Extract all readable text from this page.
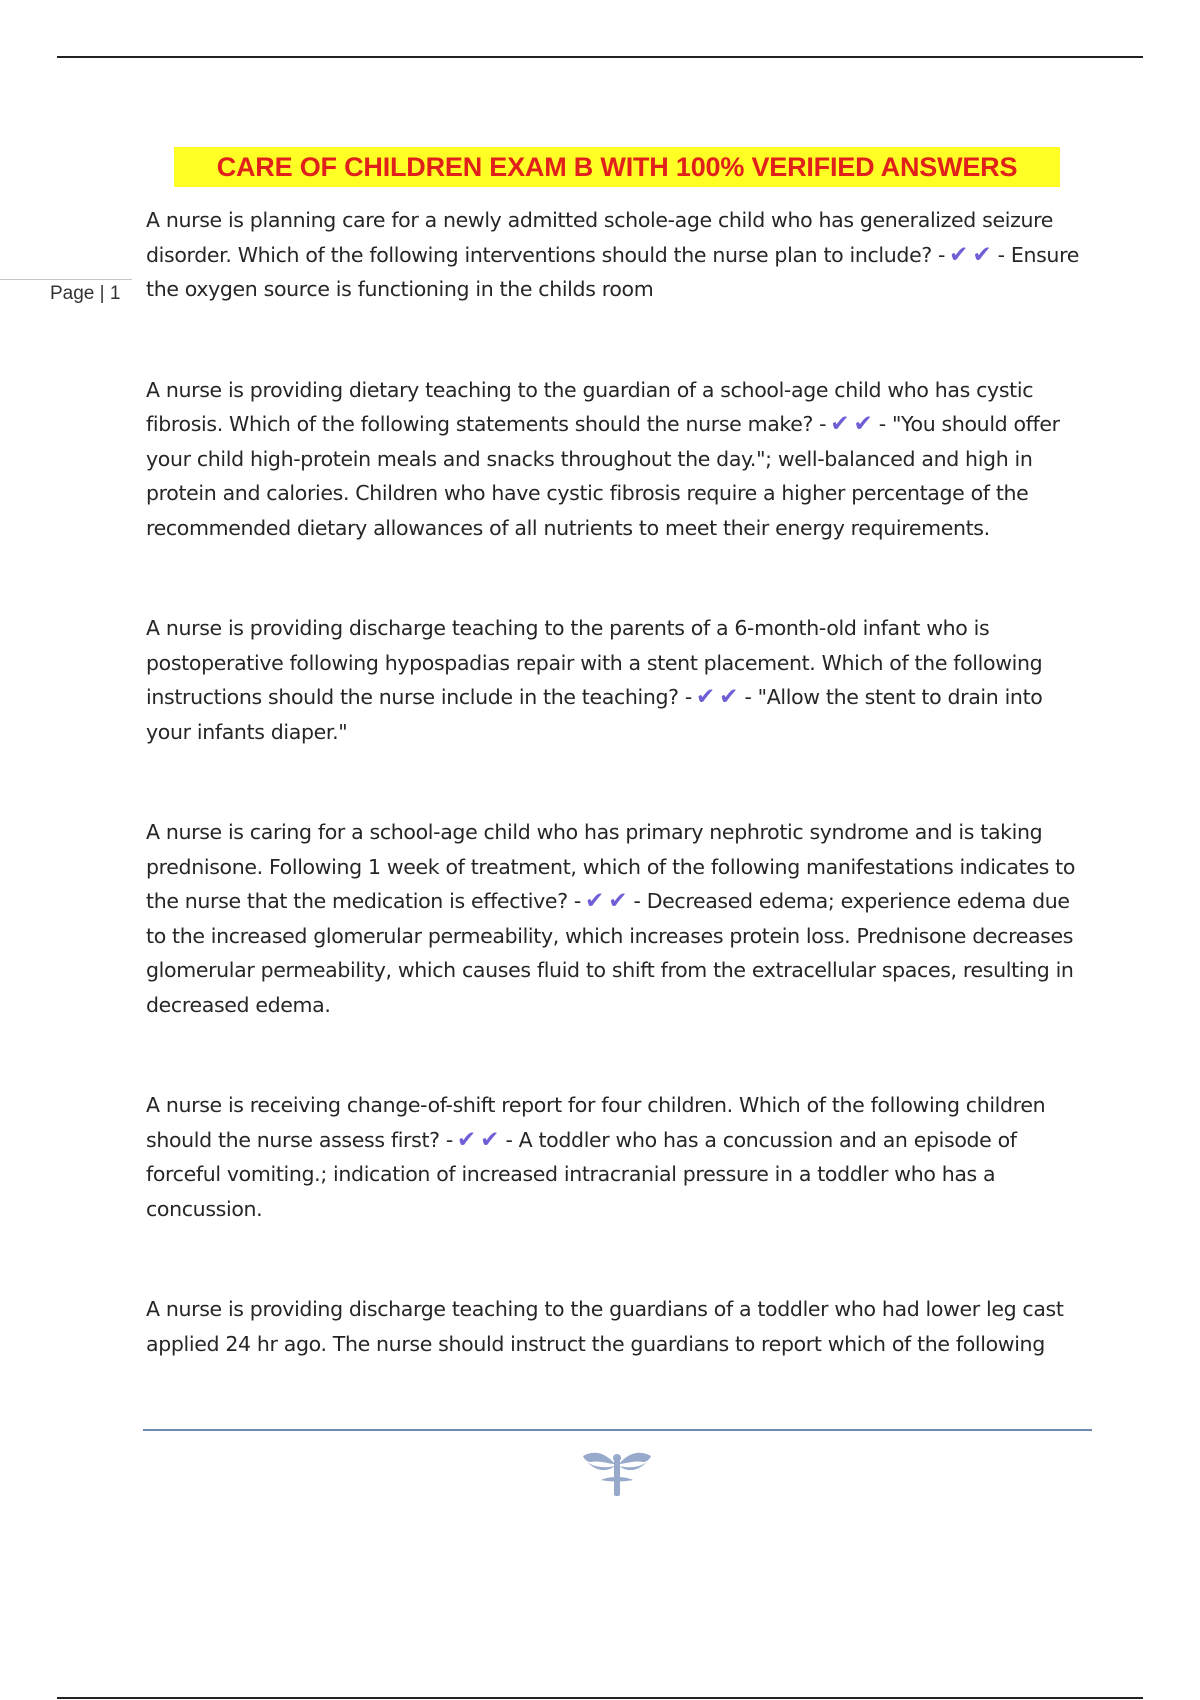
Page | 1
CARE OF CHILDREN EXAM B WITH 100% VERIFIED ANSWERS

A nurse is planning care for a newly admitted schole-age child who has generalized seizure disorder. Which of the following interventions should the nurse plan to include? - ✔✔- Ensure the oxygen source is functioning in the childs room

A nurse is providing dietary teaching to the guardian of a school-age child who has cystic fibrosis. Which of the following statements should the nurse make? - ✔✔- "You should offer your child high-protein meals and snacks throughout the day."; well-balanced and high in protein and calories. Children who have cystic fibrosis require a higher percentage of the recommended dietary allowances of all nutrients to meet their energy requirements.

A nurse is providing discharge teaching to the parents of a 6-month-old infant who is postoperative following hypospadias repair with a stent placement. Which of the following instructions should the nurse include in the teaching? - ✔✔- "Allow the stent to drain into your infants diaper."

A nurse is caring for a school-age child who has primary nephrotic syndrome and is taking prednisone. Following 1 week of treatment, which of the following manifestations indicates to the nurse that the medication is effective? - ✔✔- Decreased edema; experience edema due to the increased glomerular permeability, which increases protein loss. Prednisone decreases glomerular permeability, which causes fluid to shift from the extracellular spaces, resulting in decreased edema.

A nurse is receiving change-of-shift report for four children. Which of the following children should the nurse assess first? - ✔✔- A toddler who has a concussion and an episode of forceful vomiting.; indication of increased intracranial pressure in a toddler who has a concussion.

A nurse is providing discharge teaching to the guardians of a toddler who had lower leg cast applied 24 hr ago. The nurse should instruct the guardians to report which of the following
